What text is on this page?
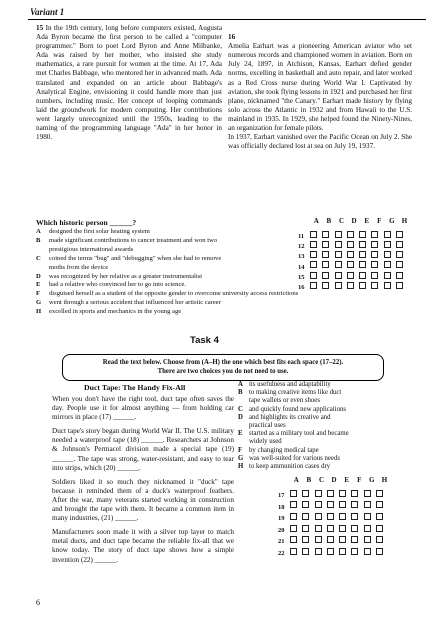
Variant 1
15 In the 19th century, long before computers existed, Augusta Ada Byron became the first person to be called a "computer programmer." Born to poet Lord Byron and Anne Milbanke, Ada was raised by her mother, who insisted she study mathematics, a rare pursuit for women at the time. At 17, Ada met Charles Babbage, who mentored her in advanced math. Ada translated and expanded on an article about Babbage's Analytical Engine, envisioning it could handle more than just numbers, including music. Her concept of looping commands laid the groundwork for modern computing. Her contributions went largely unrecognized until the 1950s, leading to the naming of the programming language "Ada" in her honor in 1980.

16
Amelia Earhart was a pioneering American aviator who set numerous records and championed women in aviation. Born on July 24, 1897, in Atchison, Kansas, Earhart defied gender norms, excelling in basketball and auto repair, and later worked as a Red Cross nurse during World War I. Captivated by aviation, she took flying lessons in 1921 and purchased her first plane, nicknamed "the Canary." Earhart made history by flying solo across the Atlantic in 1932 and from Hawaii to the U.S. mainland in 1935. In 1929, she helped found the Ninety-Nines, an organization for female pilots.
In 1937, Earhart vanished over the Pacific Ocean on July 2. She was officially declared lost at sea on July 19, 1937.

Which historic person ______?
A designed the first solar heating system
B made significant contributions to cancer treatment and won two
prestigious international awards
C coined the terms "bug" and "debugging" when she had to remove
moths from the device
D was recognized by her relative as a greater instrumentalist
E had a relative who convinced her to go into science.
F disguised herself as a student of the opposite gender to overcome university access restrictions
G went through a serious accident that influenced her artistic career
H excelled in sports and mechanics in the young age
A B C D E F G H
11
12
13
14
15
16
Task 4
Read the text below. Choose from (A–H) the one which best fits each space (17–22).
There are two choices you do not need to use.
Duct Tape: The Handy Fix-All
When you don't have the right tool, duct tape often saves the day. People use it for almost anything — from holding car mirrors in place (17) ______.
Duct tape's story began during World War II. The U.S. military needed a waterproof tape (18) ______. Researchers at Johnson & Johnson's Permacel division made a special tape (19) ______. The tape was strong, water-resistant, and easy to tear into strips, which (20) ______.
Soldiers liked it so much they nicknamed it "duck" tape because it reminded them of a duck's waterproof feathers. After the war, many veterans started working in construction and brought the tape with them. It became a common item in many industries, (21) ______.
Manufacturers soon made it with a silver top layer to match metal ducts, and duct tape became the reliable fix-all that we know today. The story of duct tape shows how a simple invention (22) ______.
A its usefulness and adaptability
B to making creative items like duct
tape wallets or even shoes
C and quickly found new applications
D and highlights its creative and
practical uses
E started as a military tool and became
widely used
F by changing medical tape
G was well-suited for various needs
H to keep ammunition cases dry
A B C D E F G H
17
18
19
20
21
22
6
